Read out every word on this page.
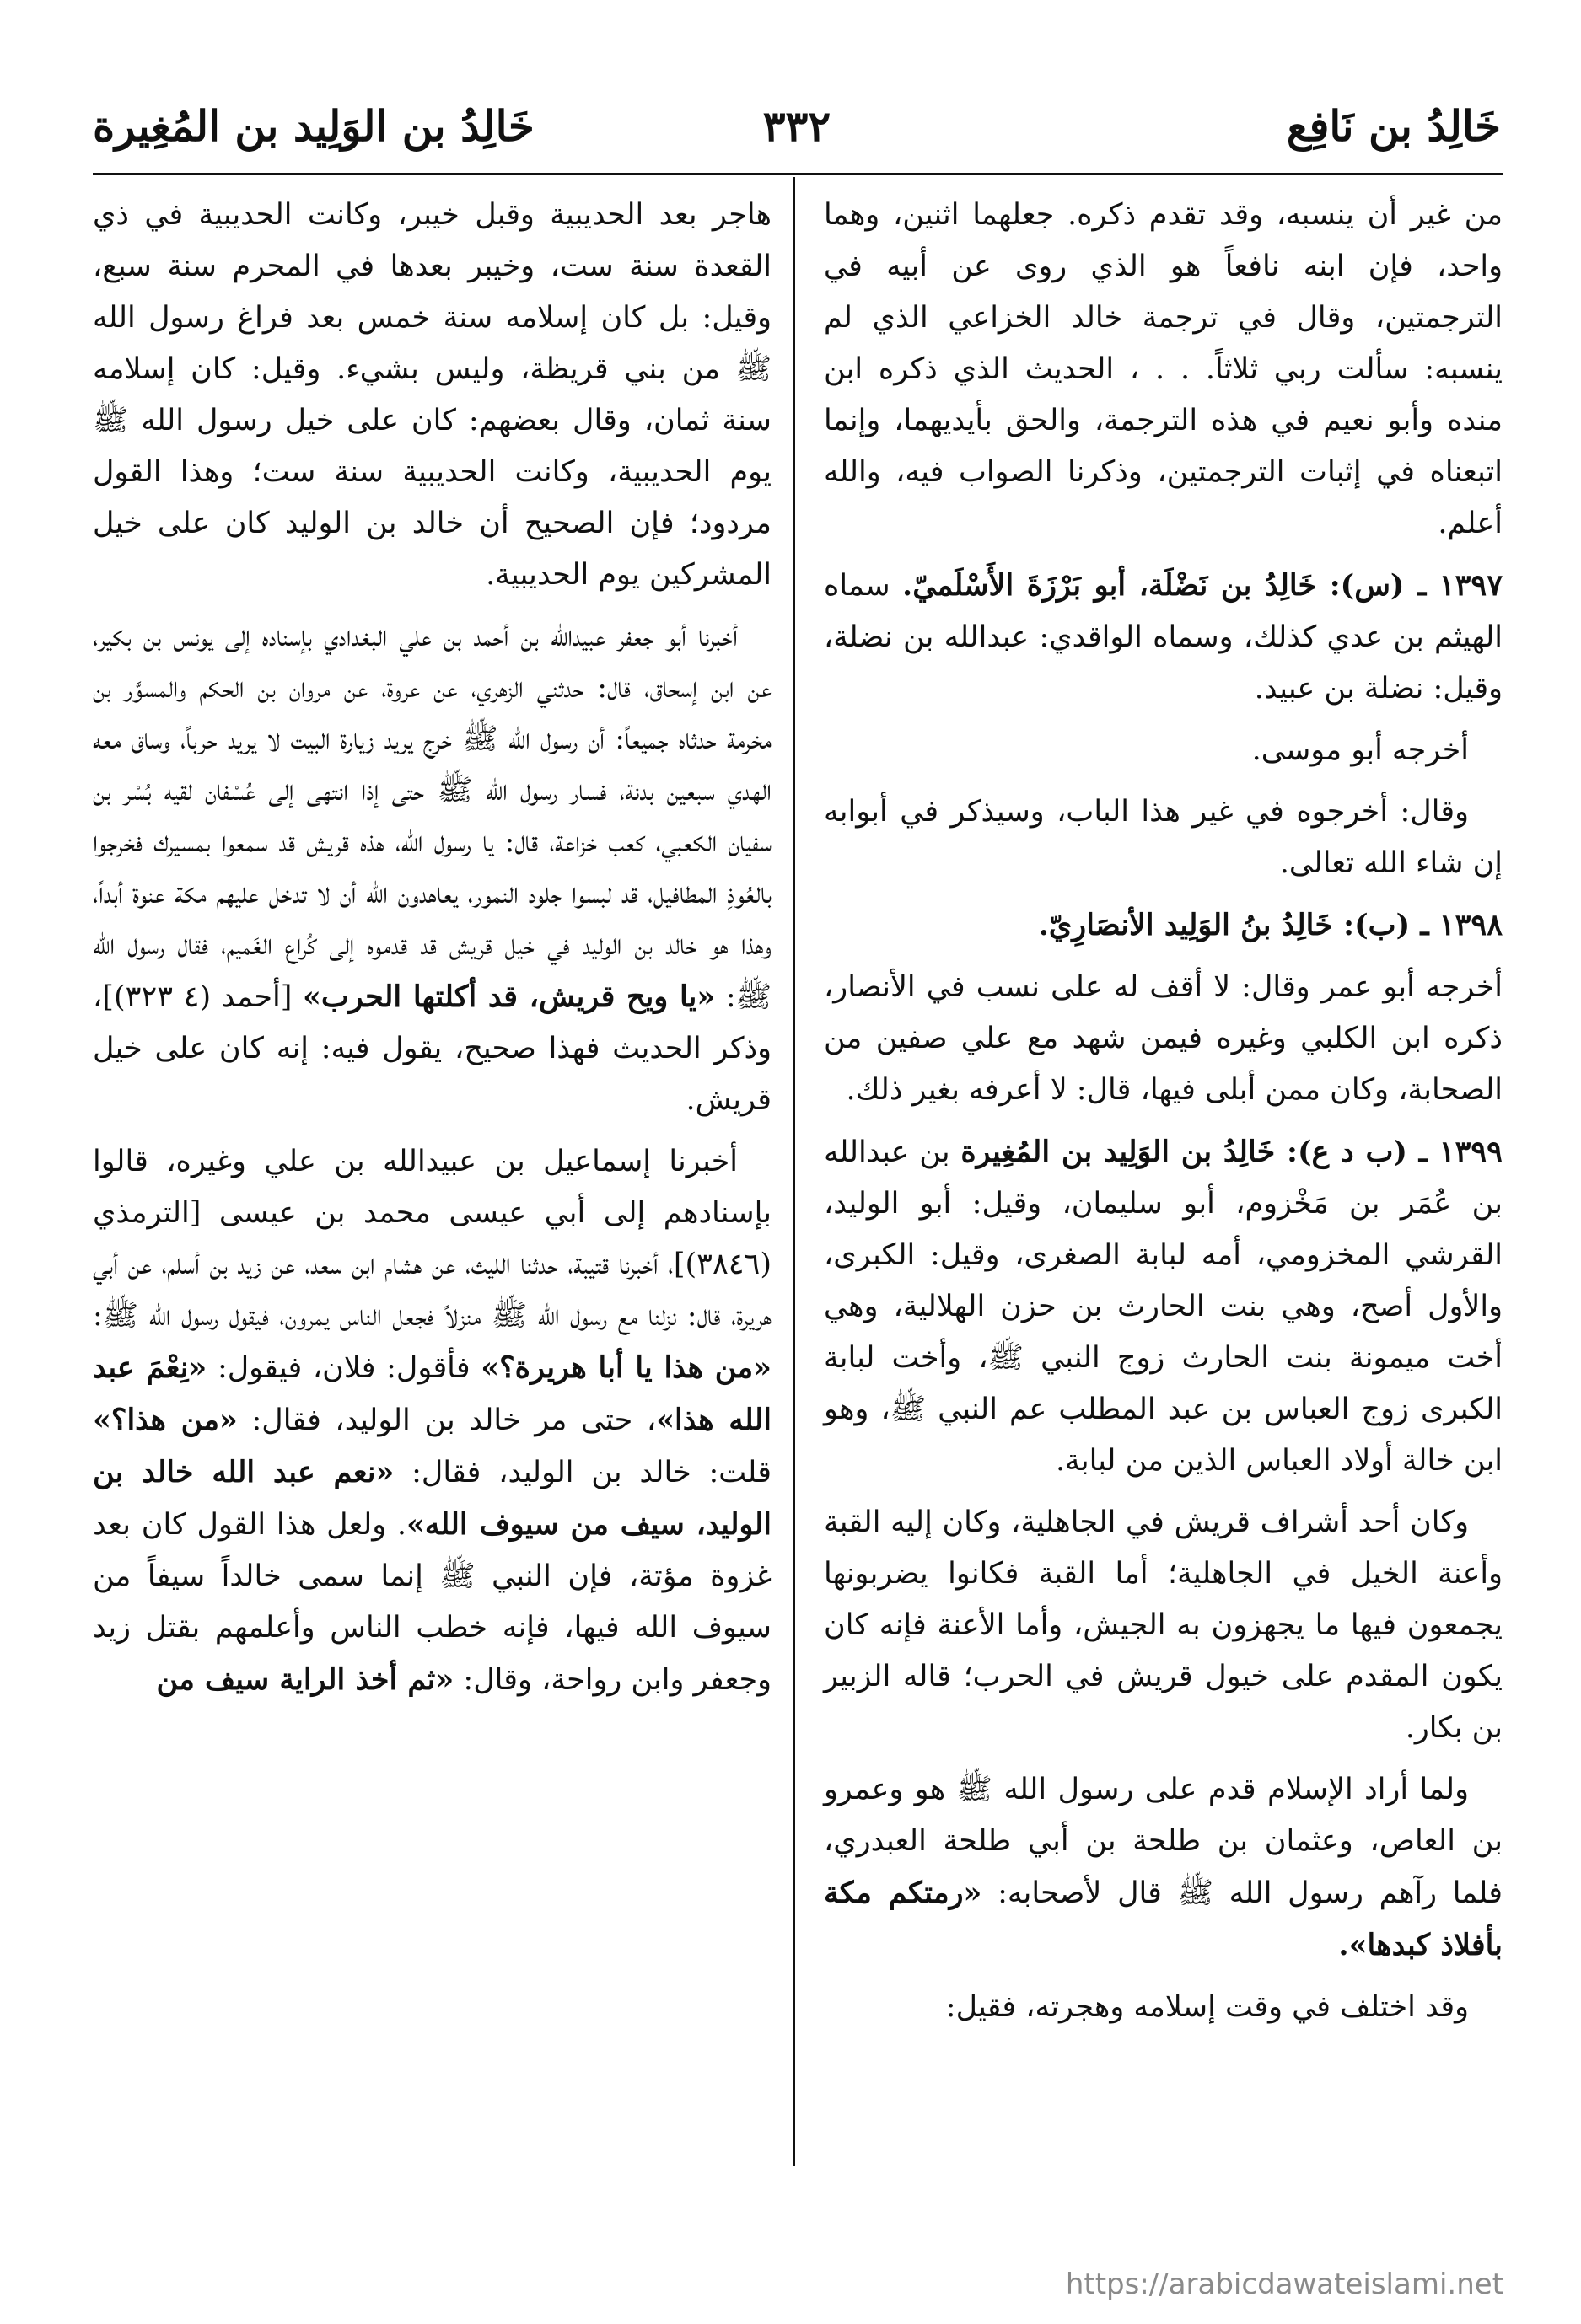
خَالِدُ بن نَافِع
٣٣٢
خَالِدُ بن الوَلِيد بن المُغِيرة

من غير أن ينسبه، وقد تقدم ذكره. جعلهما اثنين، وهما واحد، فإن ابنه نافعاً هو الذي روى عن أبيه في الترجمتين، وقال في ترجمة خالد الخزاعي الذي لم ينسبه: سألت ربي ثلاثاً. . . ، الحديث الذي ذكره ابن منده وأبو نعيم في هذه الترجمة، والحق بأيديهما، وإنما اتبعناه في إثبات الترجمتين، وذكرنا الصواب فيه، والله أعلم.

١٣٩٧ ـ (س): خَالِدُ بن نَضْلَة، أبو بَرْزَةَ الأَسْلَميّ. سماه الهيثم بن عدي كذلك، وسماه الواقدي: عبدالله بن نضلة، وقيل: نضلة بن عبيد.

أخرجه أبو موسى.

وقال: أخرجوه في غير هذا الباب، وسيذكر في أبوابه إن شاء الله تعالى.

١٣٩٨ ـ (ب): خَالِدُ بنُ الوَلِيد الأنصَارِيّ.

أخرجه أبو عمر وقال: لا أقف له على نسب في الأنصار، ذكره ابن الكلبي وغيره فيمن شهد مع علي صفين من الصحابة، وكان ممن أبلى فيها، قال: لا أعرفه بغير ذلك.

١٣٩٩ ـ (ب د ع): خَالِدُ بن الوَلِيد بن المُغِيرة بن عبدالله بن عُمَر بن مَخْزوم، أبو سليمان، وقيل: أبو الوليد، القرشي المخزومي، أمه لبابة الصغرى، وقيل: الكبرى، والأول أصح، وهي بنت الحارث بن حزن الهلالية، وهي أخت ميمونة بنت الحارث زوج النبي ﷺ، وأخت لبابة الكبرى زوج العباس بن عبد المطلب عم النبي ﷺ، وهو ابن خالة أولاد العباس الذين من لبابة.

وكان أحد أشراف قريش في الجاهلية، وكان إليه القبة وأعنة الخيل في الجاهلية؛ أما القبة فكانوا يضربونها يجمعون فيها ما يجهزون به الجيش، وأما الأعنة فإنه كان يكون المقدم على خيول قريش في الحرب؛ قاله الزبير بن بكار.

ولما أراد الإسلام قدم على رسول الله ﷺ هو وعمرو بن العاص، وعثمان بن طلحة بن أبي طلحة العبدري، فلما رآهم رسول الله ﷺ قال لأصحابه: «رمتكم مكة بأفلاذ كبدها».

وقد اختلف في وقت إسلامه وهجرته، فقيل:

هاجر بعد الحديبية وقبل خيبر، وكانت الحديبية في ذي القعدة سنة ست، وخيبر بعدها في المحرم سنة سبع، وقيل: بل كان إسلامه سنة خمس بعد فراغ رسول الله ﷺ من بني قريظة، وليس بشيء. وقيل: كان إسلامه سنة ثمان، وقال بعضهم: كان على خيل رسول الله ﷺ يوم الحديبية، وكانت الحديبية سنة ست؛ وهذا القول مردود؛ فإن الصحيح أن خالد بن الوليد كان على خيل المشركين يوم الحديبية.

أخبرنا أبو جعفر عبيدالله بن أحمد بن علي البغدادي بإسناده إلى يونس بن بكير، عن ابن إسحاق، قال: حدثني الزهري، عن عروة، عن مروان بن الحكم والمسوَّر بن مخرمة حدثاه جميعاً: أن رسول الله ﷺ خرج يريد زيارة البيت لا يريد حرباً، وساق معه الهدي سبعين بدنة، فسار رسول الله ﷺ حتى إذا انتهى إلى عُسْفان لقيه بُسْر بن سفيان الكعبي، كعب خزاعة، قال: يا رسول الله، هذه قريش قد سمعوا بمسيرك فخرجوا بالعُوذِ المطافيل، قد لبسوا جلود النمور، يعاهدون الله أن لا تدخل عليهم مكة عنوة أبداً، وهذا هو خالد بن الوليد في خيل قريش قد قدموه إلى كُراع الغَميم، فقال رسول الله ﷺ: «يا ويح قريش، قد أكلتها الحرب» [أحمد (٤ ٣٢٣)]، وذكر الحديث فهذا صحيح، يقول فيه: إنه كان على خيل قريش.

أخبرنا إسماعيل بن عبيدالله بن علي وغيره، قالوا بإسنادهم إلى أبي عيسى محمد بن عيسى [الترمذي (٣٨٤٦)]، أخبرنا قتيبة، حدثنا الليث، عن هشام ابن سعد، عن زيد بن أسلم، عن أبي هريرة، قال: نزلنا مع رسول الله ﷺ منزلاً فجعل الناس يمرون، فيقول رسول الله ﷺ: «من هذا يا أبا هريرة؟» فأقول: فلان، فيقول: «نِعْمَ عبد الله هذا»، حتى مر خالد بن الوليد، فقال: «من هذا؟» قلت: خالد بن الوليد، فقال: «نعم عبد الله خالد بن الوليد، سيف من سيوف الله». ولعل هذا القول كان بعد غزوة مؤتة، فإن النبي ﷺ إنما سمى خالداً سيفاً من سيوف الله فيها، فإنه خطب الناس وأعلمهم بقتل زيد وجعفر وابن رواحة، وقال: «ثم أخذ الراية سيف من

https://arabicdawateislami.net
